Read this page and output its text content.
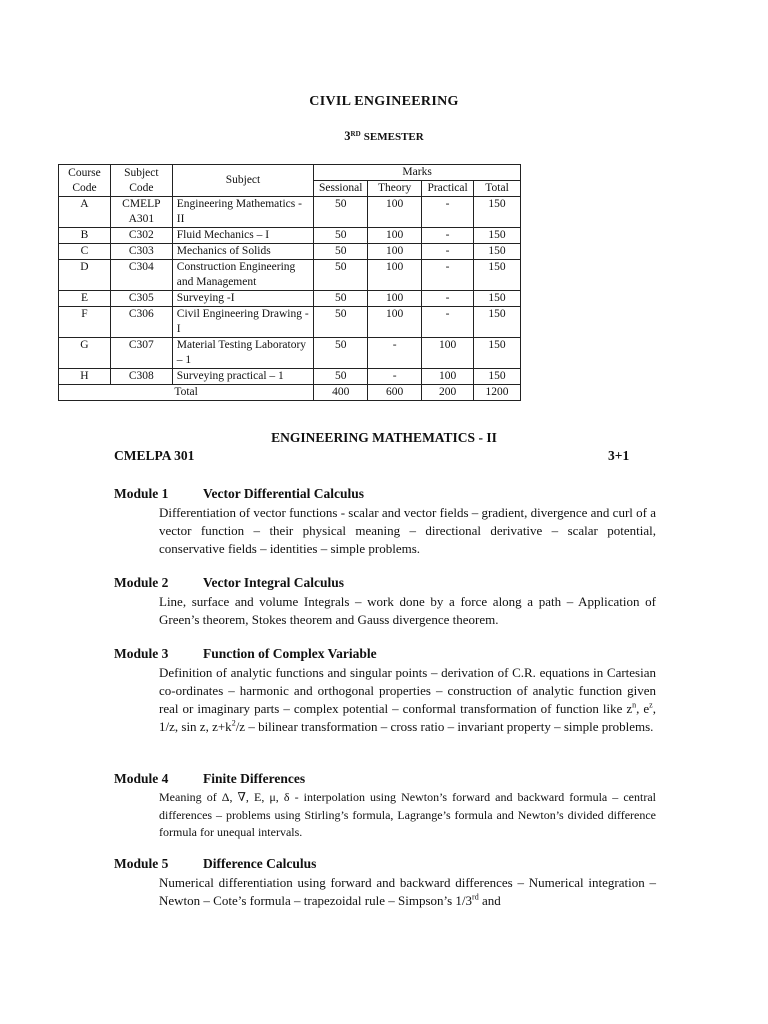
CIVIL ENGINEERING
3RD SEMESTER
Course Code	Subject Code	Subject	Marks			
			Sessional	Theory	Practical	Total
A	CMELP A301	Engineering Mathematics -II	50	100	-	150
B	C302	Fluid Mechanics – I	50	100	-	150
C	C303	Mechanics of Solids	50	100	-	150
D	C304	Construction Engineering and Management	50	100	-	150
E	C305	Surveying -I	50	100	-	150
F	C306	Civil Engineering Drawing - I	50	100	-	150
G	C307	Material Testing Laboratory – 1	50	-	100	150
H	C308	Surveying practical – 1	50	-	100	150
Total			400	600	200	1200
ENGINEERING MATHEMATICS - II
CMELPA 301	3+1
Module 1	Vector Differential Calculus
Differentiation of vector functions - scalar and vector fields – gradient, divergence and curl of a vector function – their physical meaning – directional derivative – scalar potential, conservative fields – identities – simple problems.
Module 2	Vector Integral Calculus
Line, surface and volume Integrals – work done by a force along a path – Application of Green’s theorem, Stokes theorem and Gauss divergence theorem.
Module 3	Function of Complex Variable
Definition of analytic functions and singular points – derivation of C.R. equations in Cartesian co-ordinates – harmonic and orthogonal properties – construction of analytic function given real or imaginary parts – complex potential – conformal transformation of function like $z^n$, $e^z$, 1/z, sin z, $z+k^2/z$ – bilinear transformation – cross ratio – invariant property – simple problems.
Module 4	Finite Differences
Meaning of Δ, ∇, E, μ, δ - interpolation using Newton’s forward and backward formula – central differences – problems using Stirling’s formula, Lagrange’s formula and Newton’s divided difference formula for unequal intervals.
Module 5	Difference Calculus
Numerical differentiation using forward and backward differences – Numerical integration – Newton – Cote’s formula – trapezoidal rule – Simpson’s 1/3rd and
